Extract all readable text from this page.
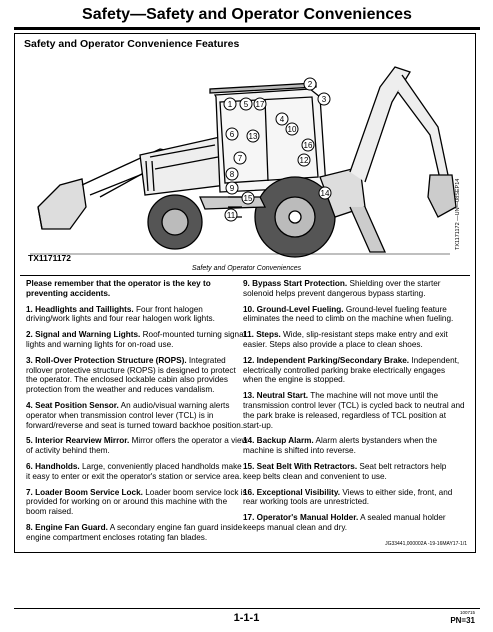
Safety—Safety and Operator Conveniences
Safety and Operator Convenience Features
1
2
3
4
5
6
7
8
9
10
11
12
13
14
15
16
17
TX1171172 —UN—08SEP14
TX1171172
Safety and Operator Conveniences

Please remember that the operator is the key to preventing accidents.

1. Headlights and Taillights. Four front halogen driving/work lights and four rear halogen work lights.

2. Signal and Warning Lights. Roof-mounted turning signal lights and warning lights for on-road use.

3. Roll-Over Protection Structure (ROPS). Integrated rollover protective structure (ROPS) is designed to protect the operator. The enclosed lockable cabin also provides protection from the weather and reduces vandalism.

4. Seat Position Sensor. An audio/visual warning alerts operator when transmission control lever (TCL) is in forward/reverse and seat is turned toward backhoe position.

5. Interior Rearview Mirror. Mirror offers the operator a view of activity behind them.

6. Handholds. Large, conveniently placed handholds make it easy to enter or exit the operator's station or service area.

7. Loader Boom Service Lock. Loader boom service lock is provided for working on or around this machine with the boom raised.

8. Engine Fan Guard. A secondary engine fan guard inside engine compartment encloses rotating fan blades.

9. Bypass Start Protection. Shielding over the starter solenoid helps prevent dangerous bypass starting.

10. Ground-Level Fueling. Ground-level fueling feature eliminates the need to climb on the machine when fueling.

11. Steps. Wide, slip-resistant steps make entry and exit easier. Steps also provide a place to clean shoes.

12. Independent Parking/Secondary Brake. Independent, electrically controlled parking brake electrically engages when the engine is stopped.

13. Neutral Start. The machine will not move until the transmission control lever (TCL) is cycled back to neutral and the park brake is released, regardless of TCL position at start-up.

14. Backup Alarm. Alarm alerts bystanders when the machine is shifted into reverse.

15. Seat Belt With Retractors. Seat belt retractors help keep belts clean and convenient to use.

16. Exceptional Visibility. Views to either side, front, and rear working tools are unrestricted.

17. Operator's Manual Holder. A sealed manual holder keeps manual clean and dry.

JG33441,000002A -19-16MAY17-1/1
100715
1-1-1	PN=31
